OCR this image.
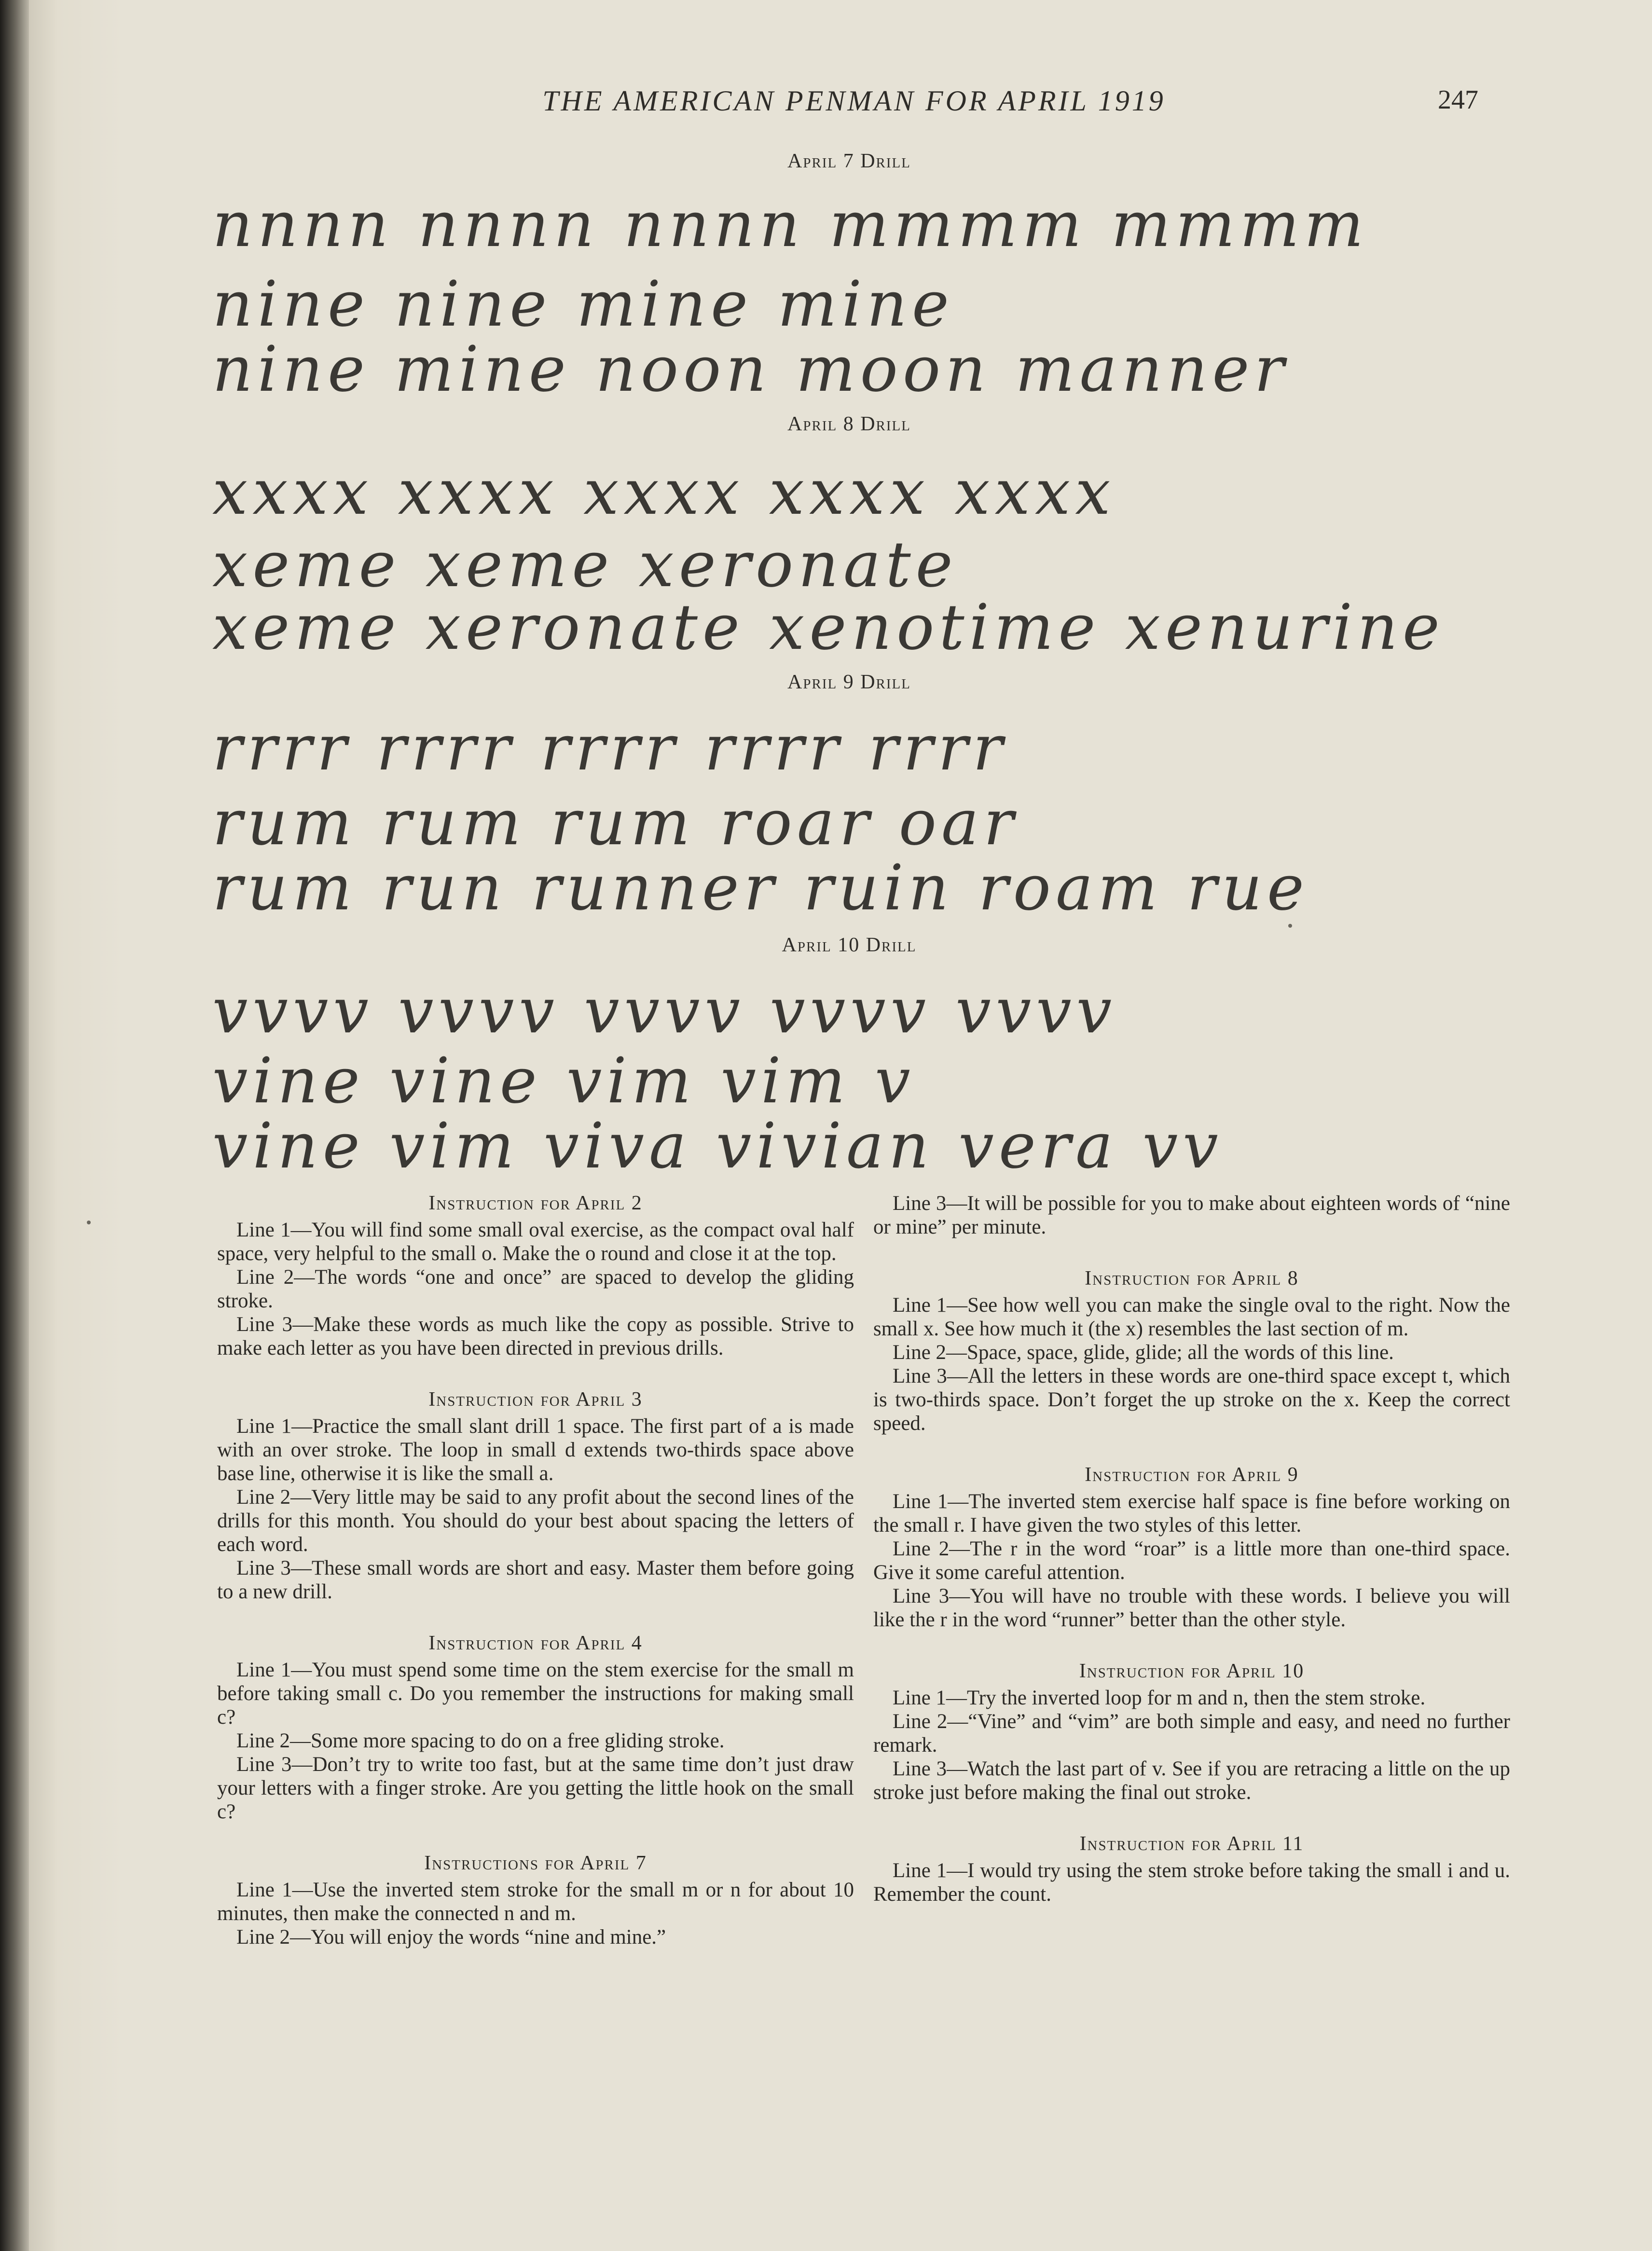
THE AMERICAN PENMAN FOR APRIL 1919	247
April 7 Drill
nnnn nnnn nnnn mmmm mmmm
nine nine mine mine
nine mine noon moon manner
April 8 Drill
xxxx xxxx xxxx xxxx xxxx
xeme xeme xeronate
xeme xeronate xenotime xenurine
April 9 Drill
rrrr rrrr rrrr rrrr rrrr
rum rum rum roar oar
rum run runner ruin roam rue
April 10 Drill
vvvv vvvv vvvv vvvv vvvv
vine vine vim vim v
vine vim viva vivian vera vv
Instruction for April 2

Line 1—You will find some small oval exercise, as the compact oval half space, very helpful to the small o. Make the o round and close it at the top.

Line 2—The words “one and once” are spaced to develop the gliding stroke.

Line 3—Make these words as much like the copy as possible. Strive to make each letter as you have been directed in previous drills.

Instruction for April 3

Line 1—Practice the small slant drill 1 space. The first part of a is made with an over stroke. The loop in small d extends two-thirds space above base line, otherwise it is like the small a.

Line 2—Very little may be said to any profit about the second lines of the drills for this month. You should do your best about spacing the letters of each word.

Line 3—These small words are short and easy. Master them before going to a new drill.

Instruction for April 4

Line 1—You must spend some time on the stem exercise for the small m before taking small c. Do you remember the instructions for making small c?

Line 2—Some more spacing to do on a free gliding stroke.

Line 3—Don’t try to write too fast, but at the same time don’t just draw your letters with a finger stroke. Are you getting the little hook on the small c?

Instructions for April 7

Line 1—Use the inverted stem stroke for the small m or n for about 10 minutes, then make the connected n and m.

Line 2—You will enjoy the words “nine and mine.”

Line 3—It will be possible for you to make about eighteen words of “nine or mine” per minute.

Instruction for April 8

Line 1—See how well you can make the single oval to the right. Now the small x. See how much it (the x) resembles the last section of m.

Line 2—Space, space, glide, glide; all the words of this line.

Line 3—All the letters in these words are one-third space except t, which is two-thirds space. Don’t forget the up stroke on the x. Keep the correct speed.

Instruction for April 9

Line 1—The inverted stem exercise half space is fine before working on the small r. I have given the two styles of this letter.

Line 2—The r in the word “roar” is a little more than one-third space. Give it some careful attention.

Line 3—You will have no trouble with these words. I believe you will like the r in the word “runner” better than the other style.

Instruction for April 10

Line 1—Try the inverted loop for m and n, then the stem stroke.

Line 2—“Vine” and “vim” are both simple and easy, and need no further remark.

Line 3—Watch the last part of v. See if you are retracing a little on the up stroke just before making the final out stroke.

Instruction for April 11

Line 1—I would try using the stem stroke before taking the small i and u. Remember the count.
